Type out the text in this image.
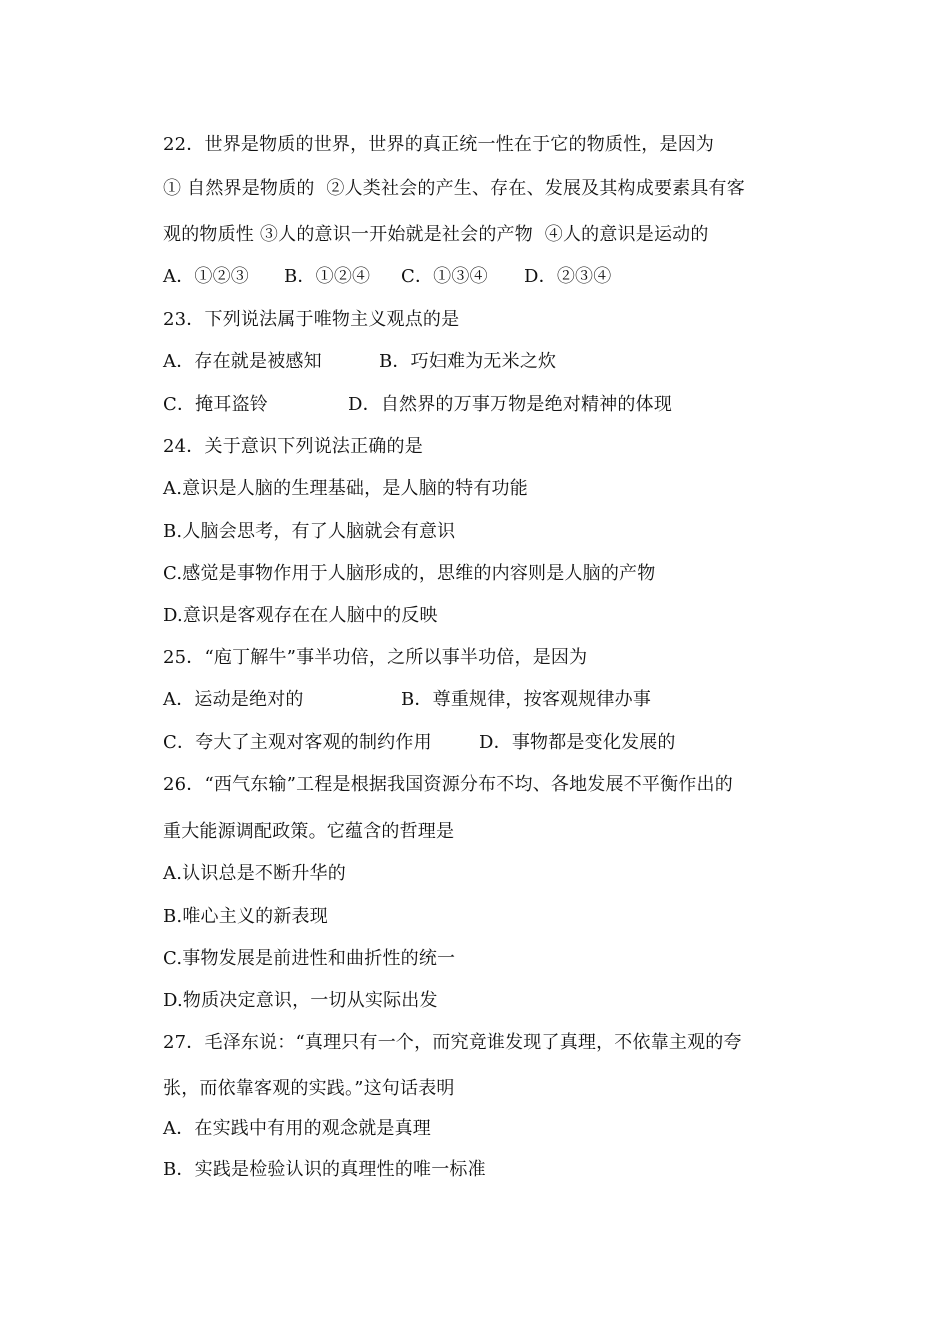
22．世界是物质的世界，世界的真正统一性在于它的物质性，是因为
① 自然界是物质的  ②人类社会的产生、存在、发展及其构成要素具有客
观的物质性 ③人的意识一开始就是社会的产物  ④人的意识是运动的
A．①②③ B．①②④ C．①③④ D．②③④
23．下列说法属于唯物主义观点的是
A．存在就是被感知	B．巧妇难为无米之炊
C．掩耳盗铃	D．自然界的万事万物是绝对精神的体现
24．关于意识下列说法正确的是
A.意识是人脑的生理基础，是人脑的特有功能
B.人脑会思考，有了人脑就会有意识
C.感觉是事物作用于人脑形成的，思维的内容则是人脑的产物
D.意识是客观存在在人脑中的反映
25．“庖丁解牛”事半功倍，之所以事半功倍，是因为
A．运动是绝对的	B．尊重规律，按客观规律办事
C．夸大了主观对客观的制约作用	D．事物都是变化发展的
26．“西气东输”工程是根据我国资源分布不均、各地发展不平衡作出的
重大能源调配政策。它蕴含的哲理是
A.认识总是不断升华的
B.唯心主义的新表现
C.事物发展是前进性和曲折性的统一
D.物质决定意识，一切从实际出发
27．毛泽东说：“真理只有一个，而究竟谁发现了真理，不依靠主观的夸
张，而依靠客观的实践。”这句话表明
A．在实践中有用的观念就是真理
B．实践是检验认识的真理性的唯一标准
